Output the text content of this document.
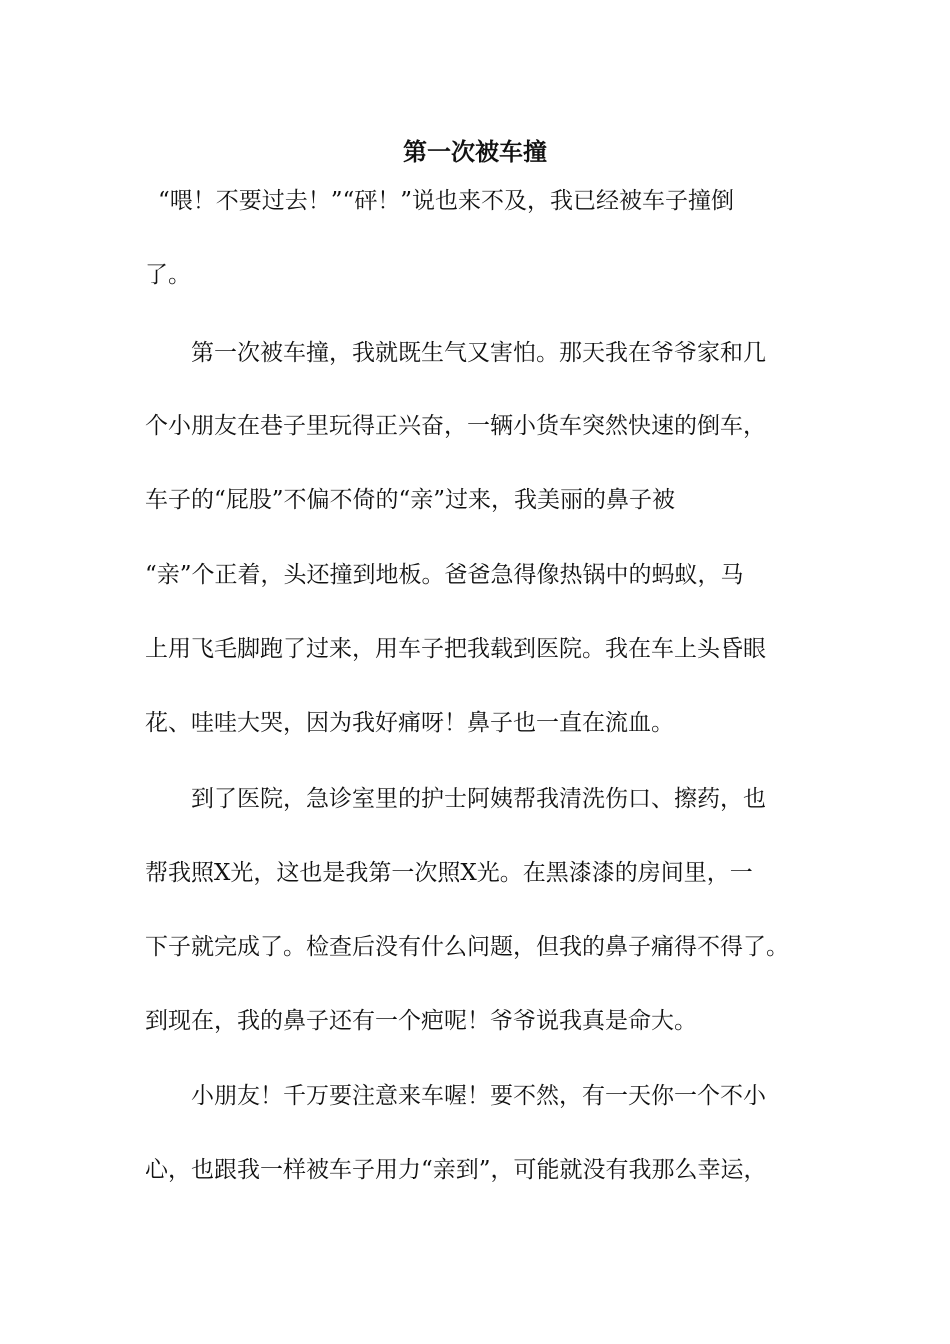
第一次被车撞

“喂！不要过去！”“砰！”说也来不及，我已经被车子撞倒

了。

　　第一次被车撞，我就既生气又害怕。那天我在爷爷家和几

个小朋友在巷子里玩得正兴奋，一辆小货车突然快速的倒车，

车子的“屁股”不偏不倚的“亲”过来，我美丽的鼻子被

“亲”个正着，头还撞到地板。爸爸急得像热锅中的蚂蚁，马

上用飞毛脚跑了过来，用车子把我载到医院。我在车上头昏眼

花、哇哇大哭，因为我好痛呀！鼻子也一直在流血。

　　到了医院，急诊室里的护士阿姨帮我清洗伤口、擦药，也

帮我照X光，这也是我第一次照X光。在黑漆漆的房间里，一

下子就完成了。检查后没有什么问题，但我的鼻子痛得不得了。

到现在，我的鼻子还有一个疤呢！爷爷说我真是命大。

　　小朋友！千万要注意来车喔！要不然，有一天你一个不小

心，也跟我一样被车子用力“亲到”，可能就没有我那么幸运，
